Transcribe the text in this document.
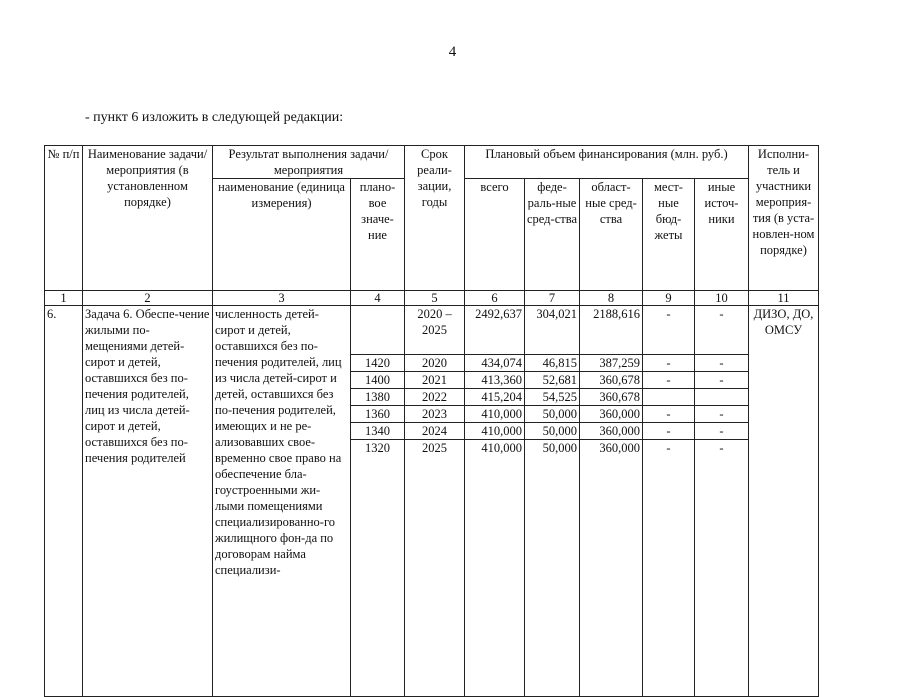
4
- пункт 6 изложить в следующей редакции:
№ п/п	Наименование задачи/ мероприятия (в установленном порядке)	Результат выполнения задачи/ мероприятия		Срок реали-зации, годы	Плановый объем финансирования (млн. руб.)					Исполни-тель и участники мероприя-тия (в уста-новлен-ном порядке)
		наименование (единица измерения)	плано-вое значе-ние		всего	феде-раль-ные сред-ства	област-ные сред-ства	мест-ные бюд-жеты	иные источ-ники	
1	2	3	4	5	6	7	8	9	10	11
6.	Задача 6. Обеспе-чение жилыми по-мещениями детей-сирот и детей, оставшихся без по-печения родителей, лиц из числа детей-сирот и детей, оставшихся без по-печения родителей	численность детей-сирот и детей, оставшихся без по-печения родителей, лиц из числа детей-сирот и детей, оставшихся без по-печения родителей, имеющих и не ре-ализовавших свое-временно свое право на обеспечение бла-гоустроенными жи-лыми помещениями специализированно-го жилищного фон-да по договорам найма специализи-		2020 – 2025	2492,637	304,021	2188,616	-	-	ДИЗО, ДО, ОМСУ
			1420	2020	434,074	46,815	387,259	-	-	
			1400	2021	413,360	52,681	360,678	-	-	
			1380	2022	415,204	54,525	360,678			
			1360	2023	410,000	50,000	360,000	-	-	
			1340	2024	410,000	50,000	360,000	-	-	
			1320	2025	410,000	50,000	360,000	-	-	
